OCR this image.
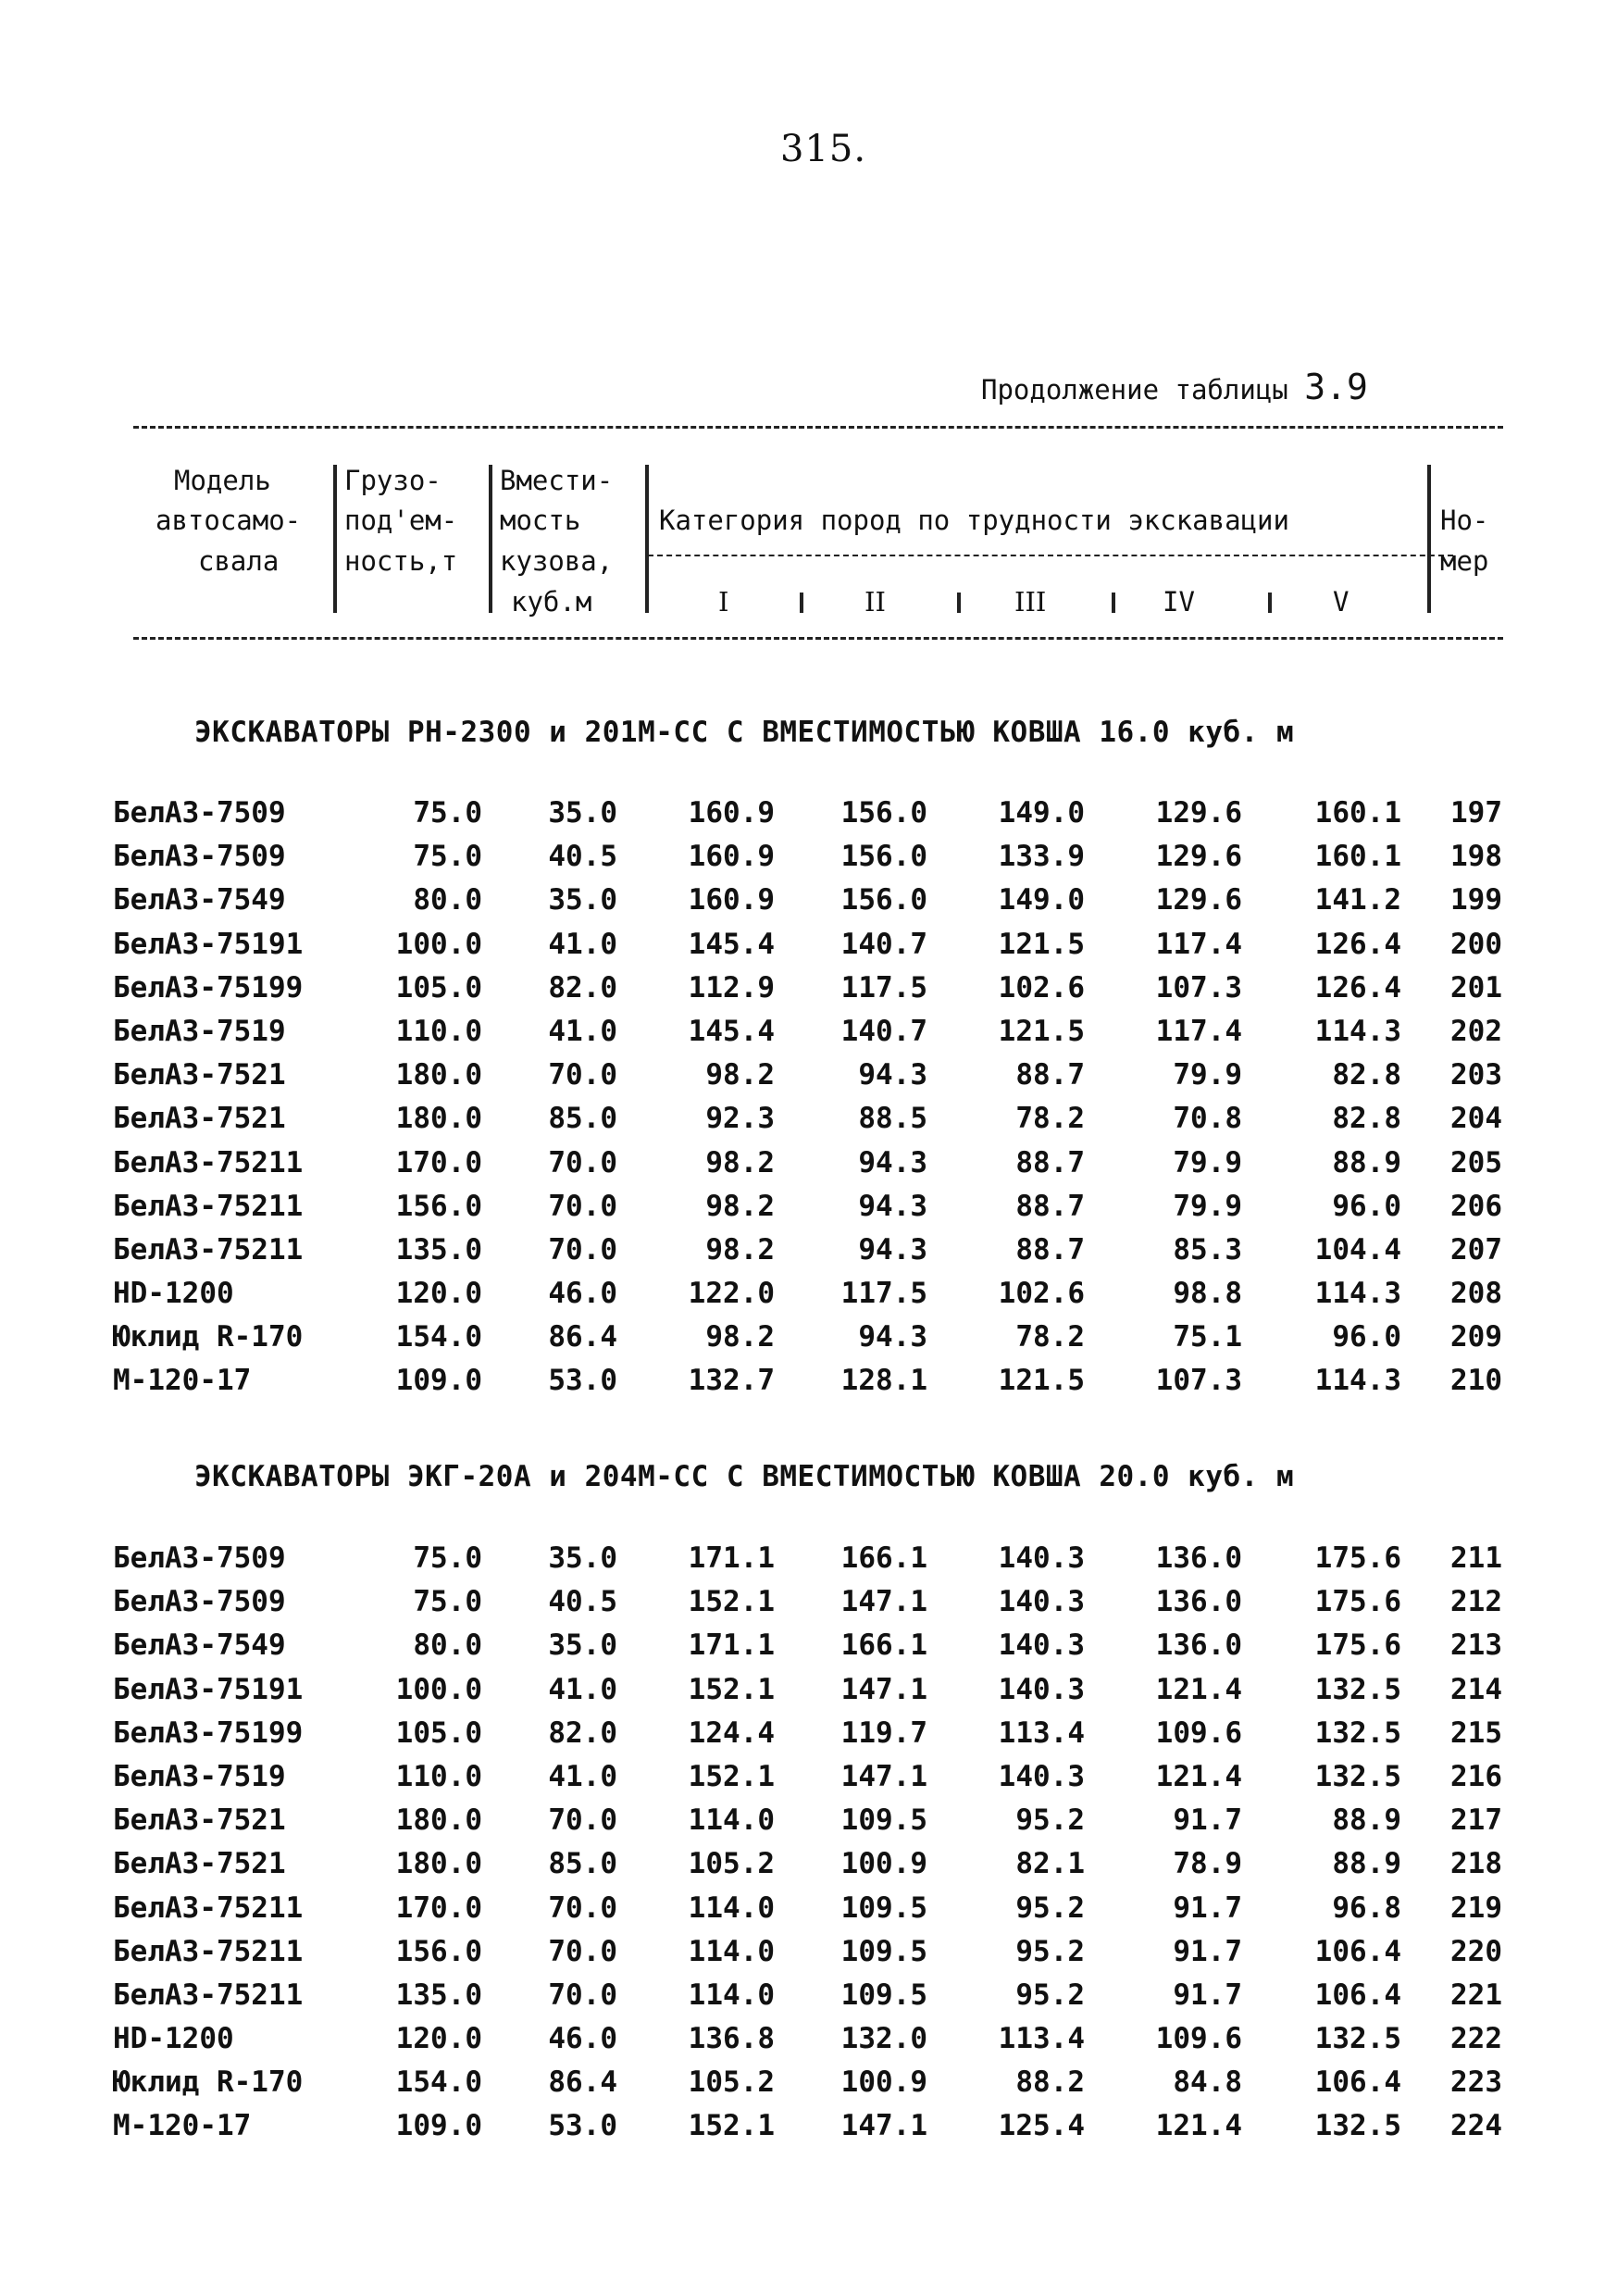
315.
Продолжение таблицы 3.9
Модель
автосамо-
свала
Грузо-
под'ем-
ность,т
Вмести-
мость
кузова,
куб.м
Категория пород по трудности экскавации
I	II	III	IV	V
Но-
мер
ЭКСКАВАТОРЫ PH-2300 и 201M-CC С ВМЕСТИМОСТЬЮ КОВША 16.0 куб. м
БелАЗ-7509	75.0 35.0 160.9 156.0 149.0 129.6	160.1 197
БелАЗ-7509	75.0 40.5 160.9 156.0 133.9 129.6	160.1 198
БелАЗ-7549	80.0 35.0 160.9 156.0 149.0 129.6	141.2 199
БелАЗ-75191	100.0 41.0 145.4 140.7 121.5 117.4	126.4 200
БелАЗ-75199	105.0 82.0 112.9 117.5 102.6 107.3	126.4 201
БелАЗ-7519	110.0 41.0 145.4 140.7 121.5 117.4	114.3 202
БелАЗ-7521	180.0 70.0	98.2	94.3	88.7	79.9	82.8 203
БелАЗ-7521	180.0 85.0	92.3	88.5	78.2	70.8	82.8 204
БелАЗ-75211	170.0 70.0	98.2	94.3	88.7	79.9	88.9 205
БелАЗ-75211	156.0 70.0	98.2	94.3	88.7	79.9	96.0 206
БелАЗ-75211	135.0 70.0	98.2	94.3	88.7	85.3	104.4 207
HD-1200	120.0 46.0 122.0 117.5 102.6	98.8	114.3 208
Юклид R-170	154.0 86.4	98.2	94.3	78.2	75.1	96.0 209
M-120-17	109.0 53.0 132.7 128.1 121.5 107.3	114.3 210
ЭКСКАВАТОРЫ ЭКГ-20А и 204M-CC С ВМЕСТИМОСТЬЮ КОВША 20.0 куб. м
БелАЗ-7509	75.0 35.0 171.1 166.1 140.3 136.0	175.6 211
БелАЗ-7509	75.0 40.5 152.1 147.1 140.3 136.0	175.6 212
БелАЗ-7549	80.0 35.0 171.1 166.1 140.3 136.0	175.6 213
БелАЗ-75191	100.0 41.0 152.1 147.1 140.3 121.4	132.5 214
БелАЗ-75199	105.0 82.0 124.4 119.7 113.4 109.6	132.5 215
БелАЗ-7519	110.0 41.0 152.1 147.1 140.3 121.4	132.5 216
БелАЗ-7521	180.0 70.0 114.0 109.5	95.2	91.7	88.9 217
БелАЗ-7521	180.0 85.0 105.2 100.9	82.1	78.9	88.9 218
БелАЗ-75211	170.0 70.0 114.0 109.5	95.2	91.7	96.8 219
БелАЗ-75211	156.0 70.0 114.0 109.5	95.2	91.7	106.4 220
БелАЗ-75211	135.0 70.0 114.0 109.5	95.2	91.7	106.4 221
HD-1200	120.0 46.0 136.8 132.0 113.4 109.6	132.5 222
Юклид R-170	154.0 86.4 105.2 100.9	88.2	84.8	106.4 223
M-120-17	109.0 53.0 152.1 147.1 125.4 121.4	132.5 224
